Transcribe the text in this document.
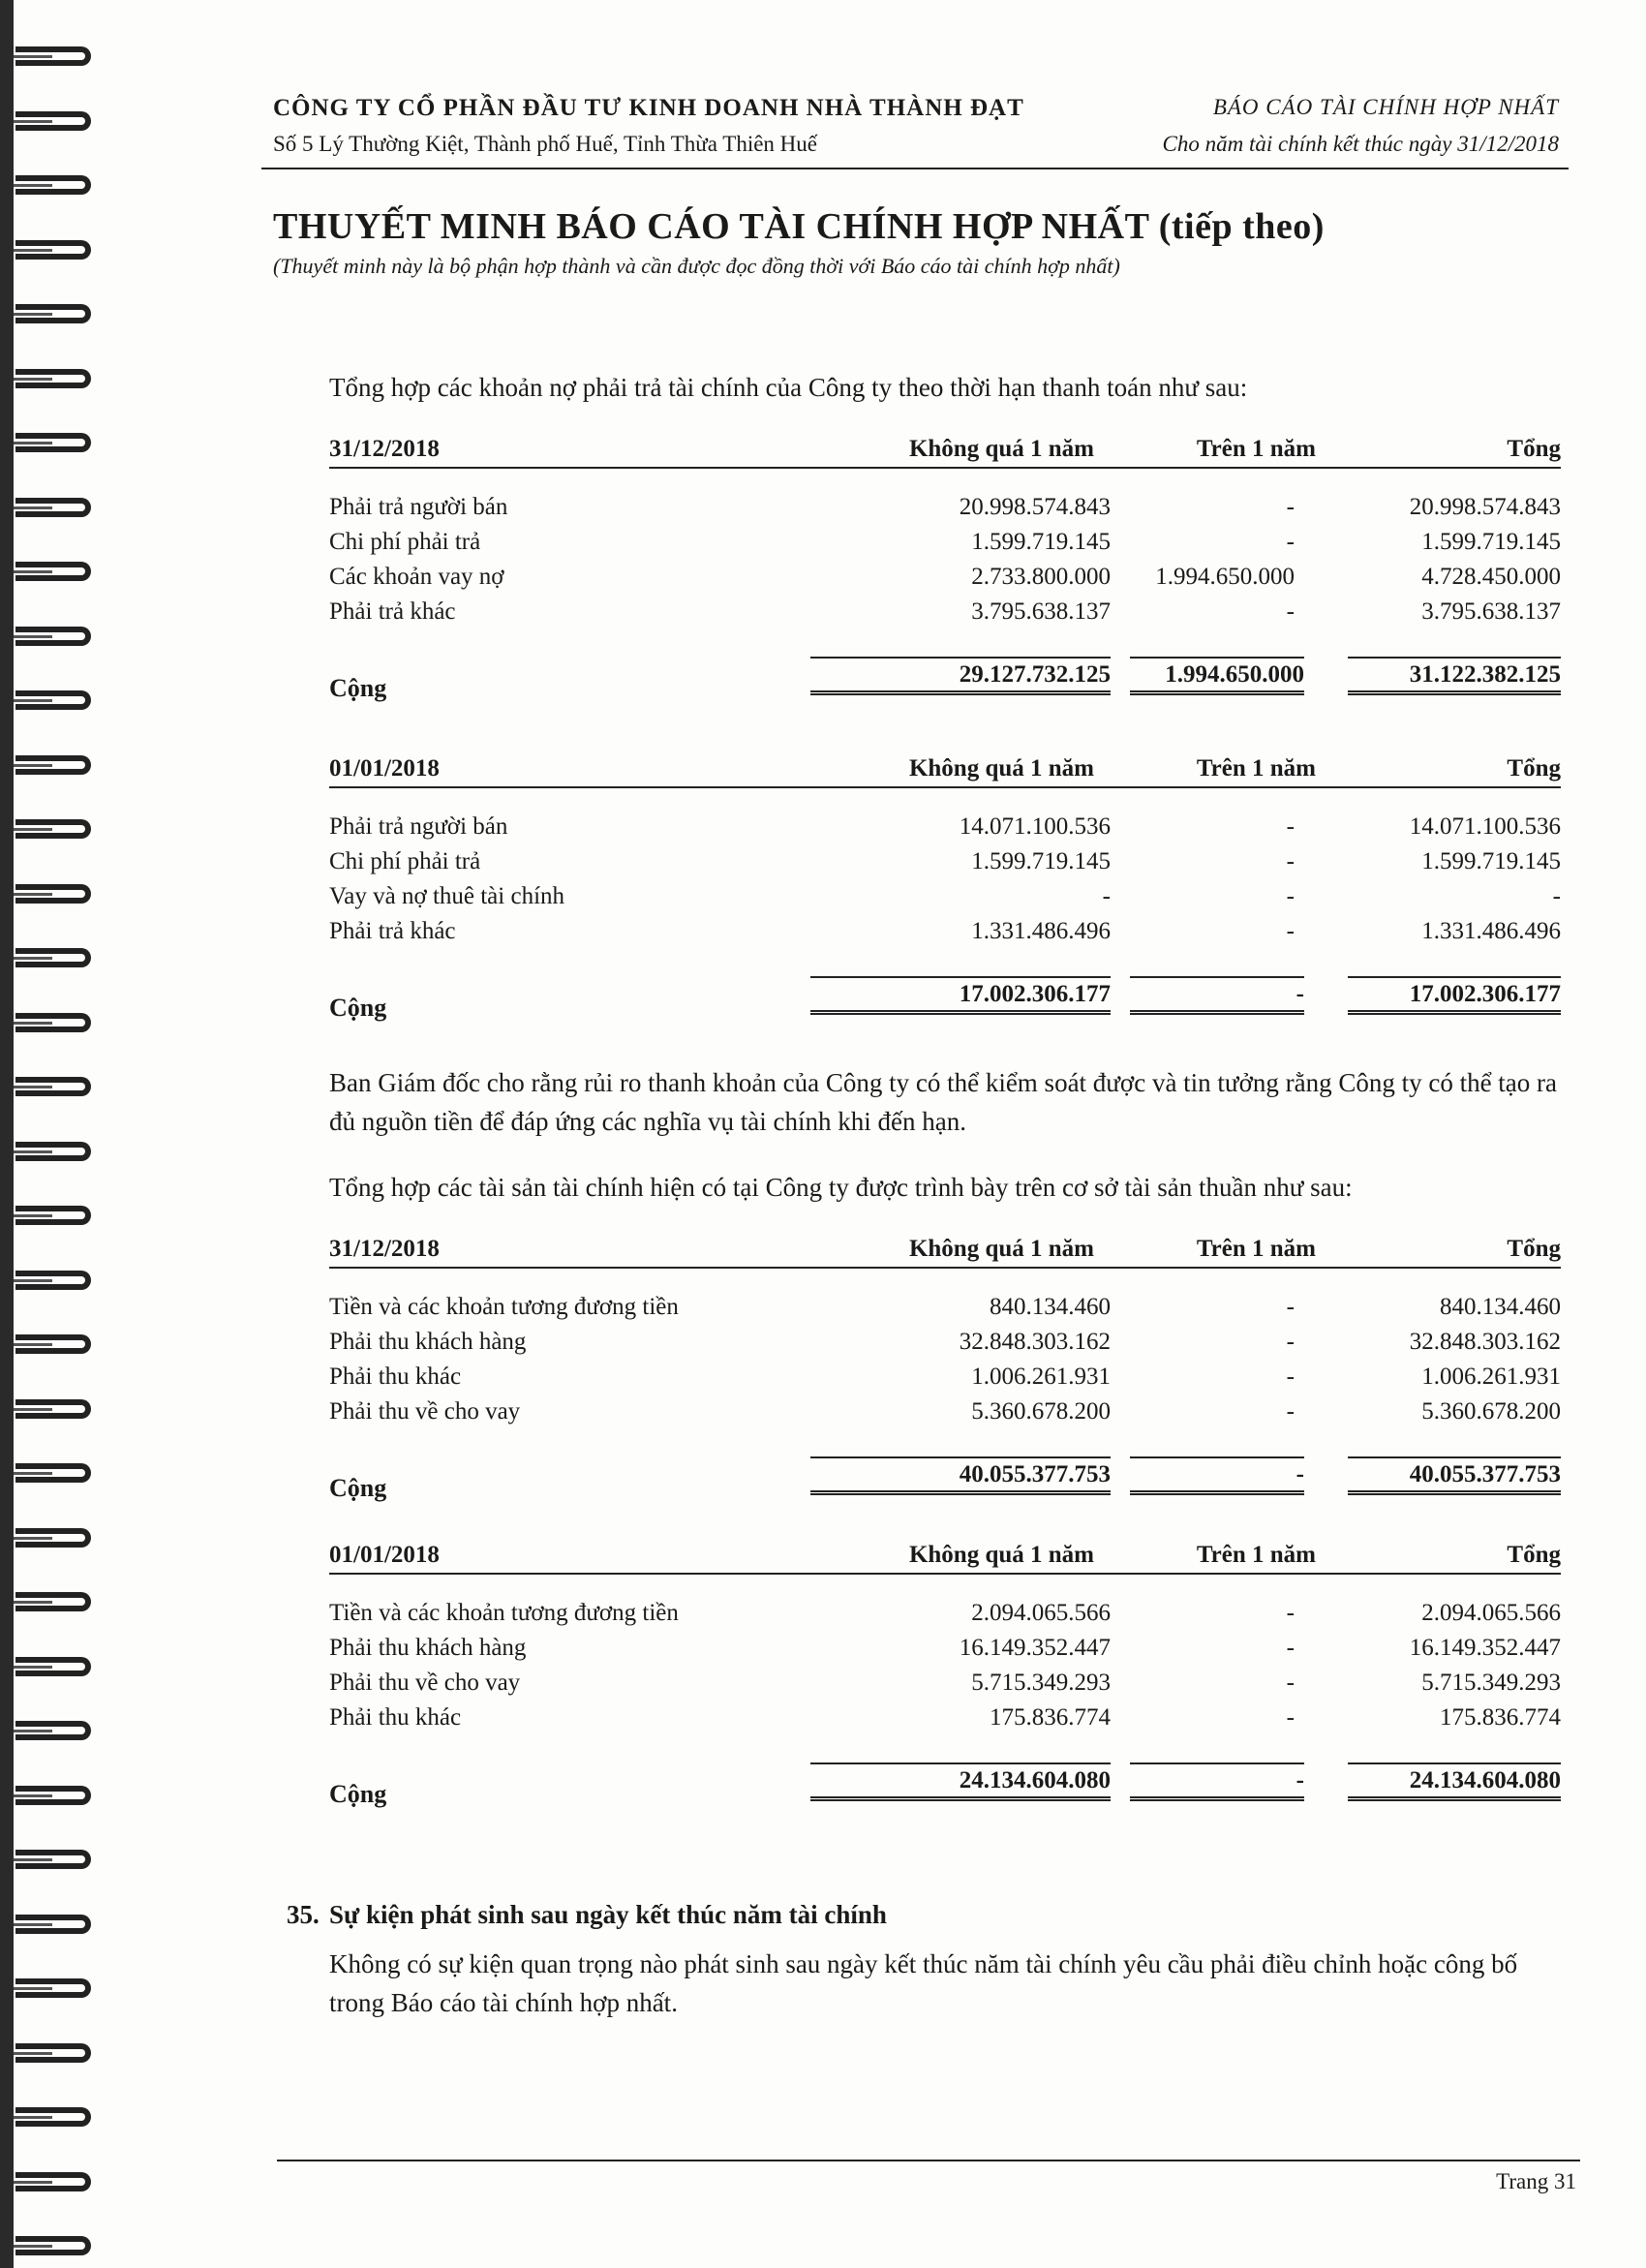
CÔNG TY CỔ PHẦN ĐẦU TƯ KINH DOANH NHÀ THÀNH ĐẠT
Số 5 Lý Thường Kiệt, Thành phố Huế, Tỉnh Thừa Thiên Huế
BÁO CÁO TÀI CHÍNH HỢP NHẤT
Cho năm tài chính kết thúc ngày 31/12/2018
THUYẾT MINH BÁO CÁO TÀI CHÍNH HỢP NHẤT (tiếp theo)
(Thuyết minh này là bộ phận hợp thành và cần được đọc đồng thời với Báo cáo tài chính hợp nhất)
Tổng hợp các khoản nợ phải trả tài chính của Công ty theo thời hạn thanh toán như sau:
31/12/2018	Không quá 1 năm	Trên 1 năm	Tổng
Phải trả người bán	20.998.574.843	-	20.998.574.843
Chi phí phải trả	1.599.719.145	-	1.599.719.145
Các khoản vay nợ	2.733.800.000 1.994.650.000	4.728.450.000
Phải trả khác	3.795.638.137	-	3.795.638.137
Cộng	29.127.732.125	1.994.650.000	31.122.382.125
01/01/2018	Không quá 1 năm	Trên 1 năm	Tổng
Phải trả người bán	14.071.100.536	-	14.071.100.536
Chi phí phải trả	1.599.719.145	-	1.599.719.145
Vay và nợ thuê tài chính	-	-	-
Phải trả khác	1.331.486.496	-	1.331.486.496
Cộng	17.002.306.177	-	17.002.306.177
Ban Giám đốc cho rằng rủi ro thanh khoản của Công ty có thể kiểm soát được và tin tưởng rằng Công ty có thể tạo ra đủ nguồn tiền để đáp ứng các nghĩa vụ tài chính khi đến hạn.
Tổng hợp các tài sản tài chính hiện có tại Công ty được trình bày trên cơ sở tài sản thuần như sau:
31/12/2018	Không quá 1 năm	Trên 1 năm	Tổng
Tiền và các khoản tương đương tiền	840.134.460	-	840.134.460
Phải thu khách hàng	32.848.303.162	-	32.848.303.162
Phải thu khác	1.006.261.931	-	1.006.261.931
Phải thu về cho vay	5.360.678.200	-	5.360.678.200
Cộng	40.055.377.753	-	40.055.377.753
01/01/2018	Không quá 1 năm	Trên 1 năm	Tổng
Tiền và các khoản tương đương tiền	2.094.065.566	-	2.094.065.566
Phải thu khách hàng	16.149.352.447	-	16.149.352.447
Phải thu về cho vay	5.715.349.293	-	5.715.349.293
Phải thu khác	175.836.774	-	175.836.774
Cộng	24.134.604.080	-	24.134.604.080
35. Sự kiện phát sinh sau ngày kết thúc năm tài chính
Không có sự kiện quan trọng nào phát sinh sau ngày kết thúc năm tài chính yêu cầu phải điều chỉnh hoặc công bố trong Báo cáo tài chính hợp nhất.
Trang 31
